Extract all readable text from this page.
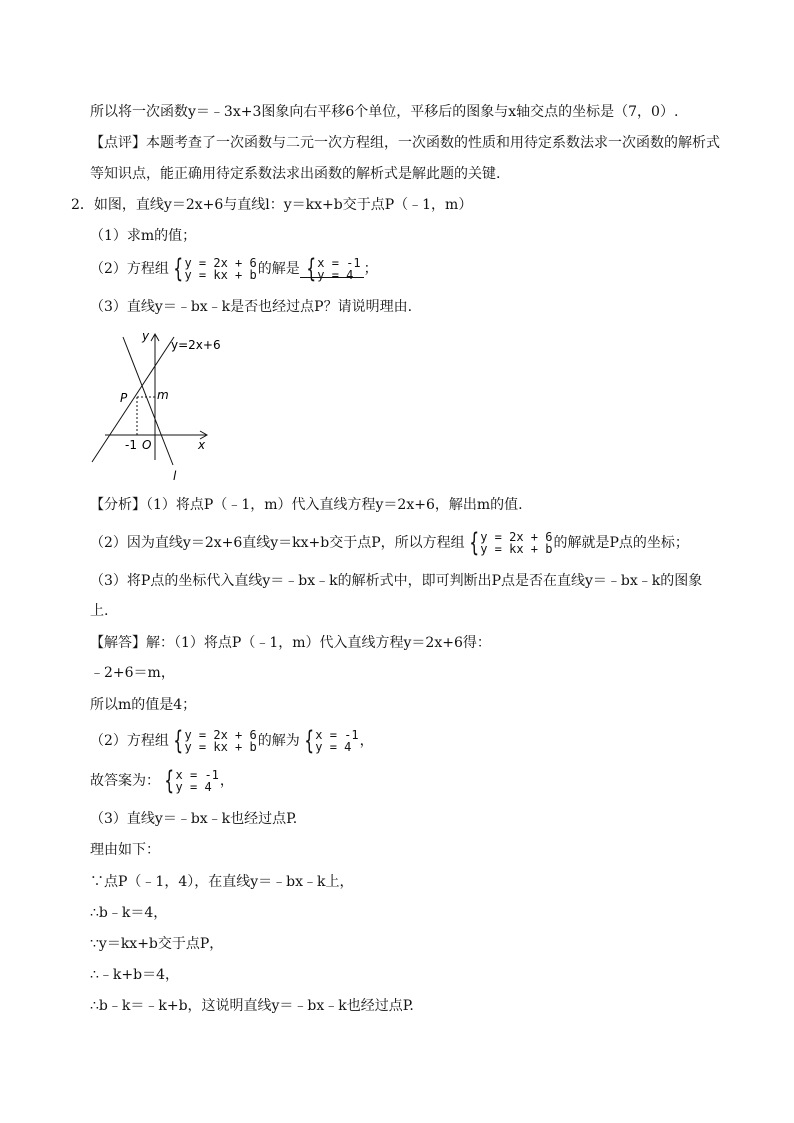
所以将一次函数y＝﹣3x+3图象向右平移6个单位，平移后的图象与x轴交点的坐标是（7，0）.
【点评】本题考查了一次函数与二元一次方程组，一次函数的性质和用待定系数法求一次函数的解析式
等知识点，能正确用待定系数法求出函数的解析式是解此题的关键.
2．如图，直线y＝2x+6与直线l：y＝kx+b交于点P（﹣1，m）
（1）求m的值；
（2）方程组 { y = 2x + 6
y = kx + b 的解是 { x = -1
y = 4 ；
（3）直线y＝﹣bx﹣k是否也经过点P？请说明理由.
y
x
y=2x+6
P m
-1 O
l
【分析】（1）将点P（﹣1，m）代入直线方程y＝2x+6，解出m的值.
（2）因为直线y＝2x+6直线y＝kx+b交于点P，所以方程组 { y = 2x + 6
y = kx + b 的解就是P点的坐标；
（3）将P点的坐标代入直线y＝﹣bx﹣k的解析式中，即可判断出P点是否在直线y＝﹣bx﹣k的图象
上.
【解答】解：（1）将点P（﹣1，m）代入直线方程y＝2x+6得：
﹣2+6＝m，
所以m的值是4；
（2）方程组 { y = 2x + 6
y = kx + b 的解为 { x = -1
y = 4 ，
故答案为： { x = -1
y = 4 ，
（3）直线y＝﹣bx﹣k也经过点P.
理由如下：
∵点P（﹣1，4），在直线y＝﹣bx﹣k上，
∴b﹣k＝4，
∵y＝kx+b交于点P，
∴﹣k+b＝4，
∴b﹣k＝﹣k+b，这说明直线y＝﹣bx﹣k也经过点P.
